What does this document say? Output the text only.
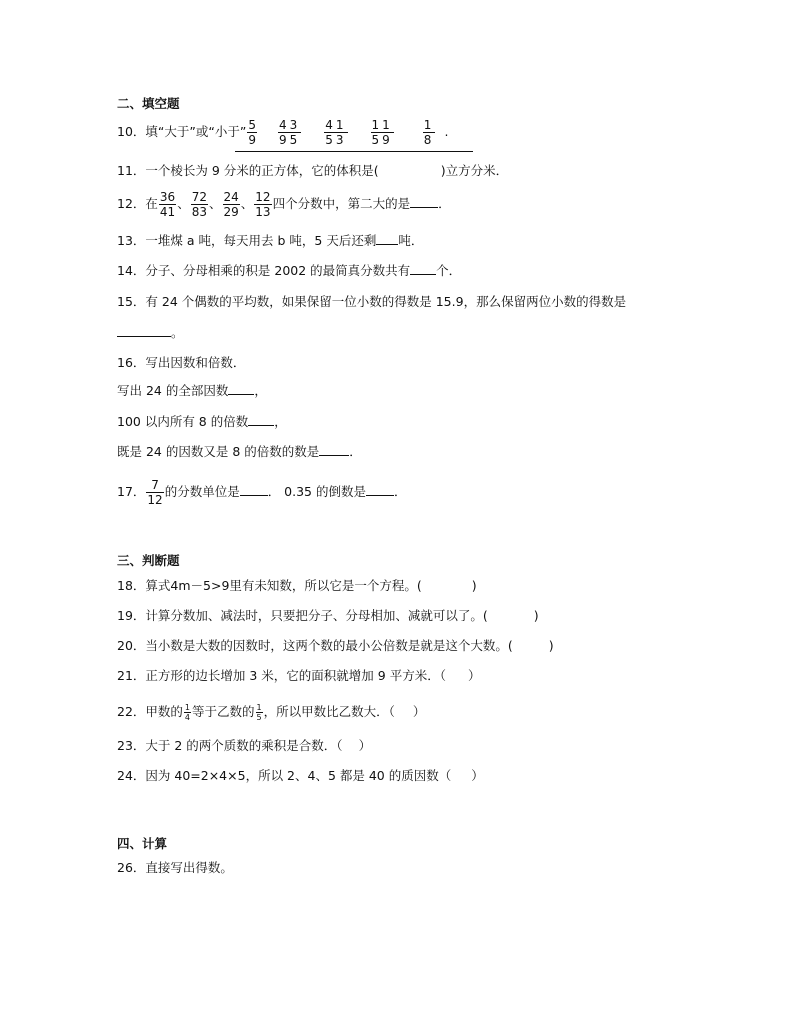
二、填空题
10．填“大于”或“小于” $\frac{5}{9} \frac{43}{95} \frac{41}{53} \frac{11}{59} \frac{1}{8}$ .
11．一个棱长为 9 分米的正方体，它的体积是(	)立方分米．
12．在 $\frac{36}{41}$ 、 $\frac{72}{83}$ 、 $\frac{24}{29}$ 、 $\frac{12}{13}$ 四个分数中，第二大的是 ．
13．一堆煤 a 吨，每天用去 b 吨，5 天后还剩 吨．
14．分子、分母相乘的积是 2002 的最简真分数共有 个．
15．有 24 个偶数的平均数，如果保留一位小数的得数是 15.9，那么保留两位小数的得数是
。
16．写出因数和倍数．
写出 24 的全部因数 ，
100 以内所有 8 的倍数 ，
既是 24 的因数又是 8 的倍数的数是 ．
17． $\frac{7}{12}$ 的分数单位是 ． 0.35 的倒数是 ．
三、判断题
18．算式4m－5>9里有未知数，所以它是一个方程。(	)
19．计算分数加、减法时，只要把分子、分母相加、减就可以了。(	)
20．当小数是大数的因数时，这两个数的最小公倍数是就是这个大数。(	)
21．正方形的边长增加 3 米，它的面积就增加 9 平方米．（ ）
22．甲数的 $\frac{1}{4}$ 等于乙数的 $\frac{1}{5}$ ，所以甲数比乙数大．（ ）
23．大于 2 的两个质数的乘积是合数．（ ）
24．因为 40=2×4×5，所以 2、4、5 都是 40 的质因数（ ）
四、计算
26．直接写出得数。
